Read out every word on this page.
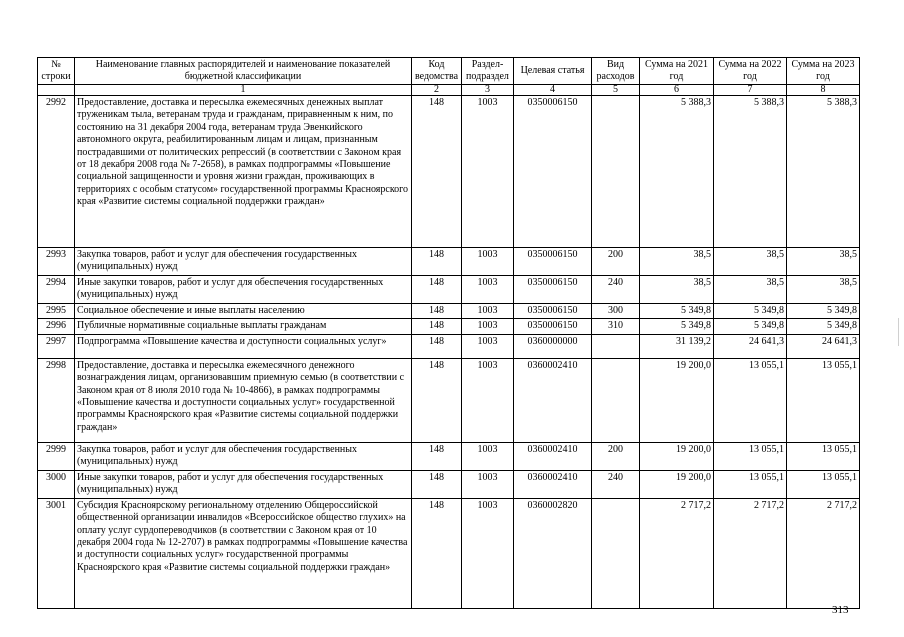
№ строки	Наименование главных распорядителей и наименование показателей бюджетной классификации	Код ведомства	Раздел- подраздел	Целевая статья	Вид расходов	Сумма на 2021 год	Сумма на 2022 год	Сумма на 2023 год
	1	2	3	4	5	6	7	8
2992	Предоставление, доставка и пересылка ежемесячных денежных выплат труженикам тыла, ветеранам труда и гражданам, приравненным к ним, по состоянию на 31 декабря 2004 года, ветеранам труда Эвенкийского автономного округа, реабилитированным лицам и лицам, признанным пострадавшими от политических репрессий (в соответствии с Законом края от 18 декабря 2008 года № 7-2658), в рамках подпрограммы «Повышение социальной защищенности и уровня жизни граждан, проживающих в территориях с особым статусом» государственной программы Красноярского края «Развитие системы социальной поддержки граждан»	148	1003	0350006150		5 388,3	5 388,3	5 388,3
2993	Закупка товаров, работ и услуг для обеспечения государственных (муниципальных) нужд	148	1003	0350006150	200	38,5	38,5	38,5
2994	Иные закупки товаров, работ и услуг для обеспечения государственных (муниципальных) нужд	148	1003	0350006150	240	38,5	38,5	38,5
2995	Социальное обеспечение и иные выплаты населению	148	1003	0350006150	300	5 349,8	5 349,8	5 349,8
2996	Публичные нормативные социальные выплаты гражданам	148	1003	0350006150	310	5 349,8	5 349,8	5 349,8
2997	Подпрограмма «Повышение качества и доступности социальных услуг»	148	1003	0360000000		31 139,2	24 641,3	24 641,3
2998	Предоставление, доставка и пересылка ежемесячного денежного вознаграждения лицам, организовавшим приемную семью (в соответствии с Законом края от 8 июля 2010 года № 10-4866), в рамках подпрограммы «Повышение качества и доступности социальных услуг» государственной программы Красноярского края «Развитие системы социальной поддержки граждан»	148	1003	0360002410		19 200,0	13 055,1	13 055,1
2999	Закупка товаров, работ и услуг для обеспечения государственных (муниципальных) нужд	148	1003	0360002410	200	19 200,0	13 055,1	13 055,1
3000	Иные закупки товаров, работ и услуг для обеспечения государственных (муниципальных) нужд	148	1003	0360002410	240	19 200,0	13 055,1	13 055,1
3001	Субсидия Красноярскому региональному отделению Общероссийской общественной организации инвалидов «Всероссийское общество глухих» на оплату услуг сурдопереводчиков (в соответствии с Законом края от 10 декабря 2004 года № 12-2707) в рамках подпрограммы «Повышение качества и доступности социальных услуг» государственной программы Красноярского края «Развитие системы социальной поддержки граждан»	148	1003	0360002820		2 717,2	2 717,2	2 717,2
313
